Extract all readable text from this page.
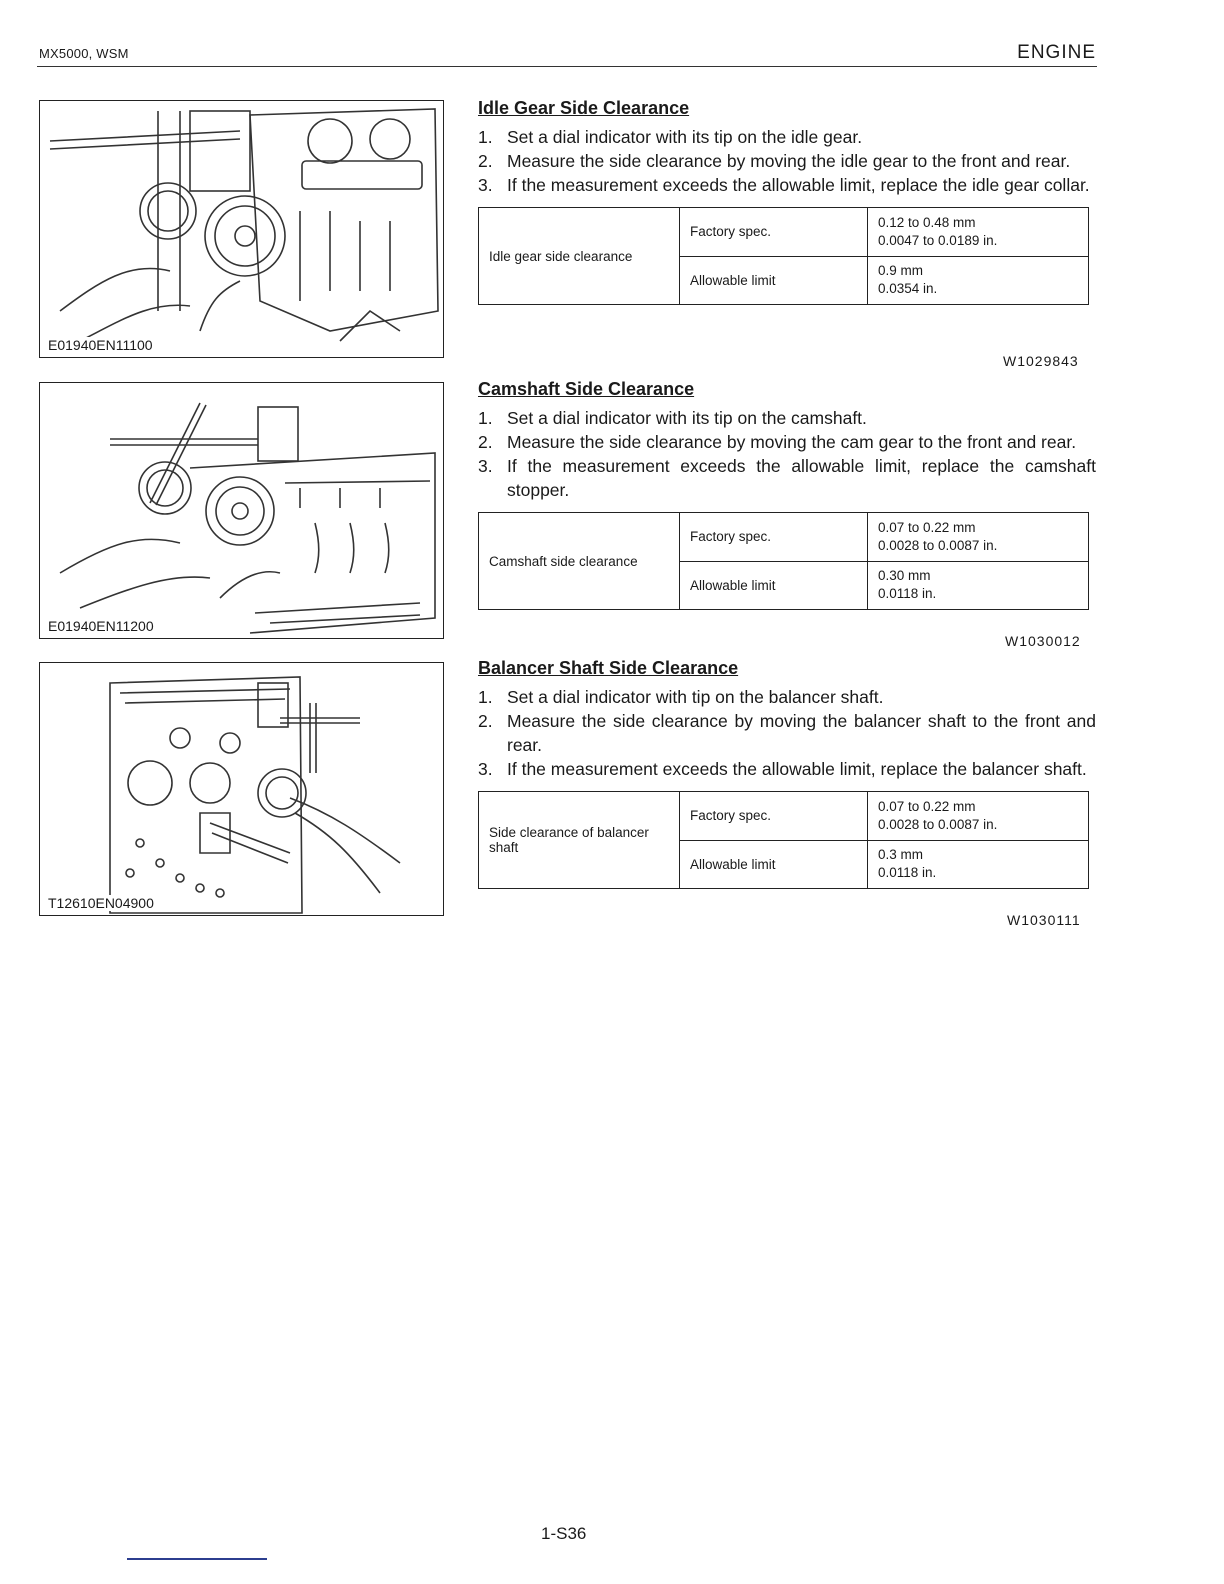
MX5000, WSM	ENGINE
E01940EN11100
E01940EN11200
T12610EN04900
Idle Gear Side Clearance
1. Set a dial indicator with its tip on the idle gear.
2. Measure the side clearance by moving the idle gear to the front and rear.
3. If the measurement exceeds the allowable limit, replace the idle gear collar.
Idle gear side clearance	Factory spec.	0.12 to 0.48 mm
0.0047 to 0.0189 in.

	Allowable limit	0.9 mm
0.0354 in.
W1029843
Camshaft Side Clearance
1. Set a dial indicator with its tip on the camshaft.
2. Measure the side clearance by moving the cam gear to the front and rear.
3. If the measurement exceeds the allowable limit, replace the camshaft stopper.
Camshaft side clearance	Factory spec.	0.07 to 0.22 mm
0.0028 to 0.0087 in.

	Allowable limit	0.30 mm
0.0118 in.
W1030012
Balancer Shaft Side Clearance
1. Set a dial indicator with tip on the balancer shaft.
2. Measure the side clearance by moving the balancer shaft to the front and rear.
3. If the measurement exceeds the allowable limit, replace the balancer shaft.
Side clearance of balancer shaft	Factory spec.	0.07 to 0.22 mm
0.0028 to 0.0087 in.

	Allowable limit	0.3 mm
0.0118 in.
W1030111
1-S36
